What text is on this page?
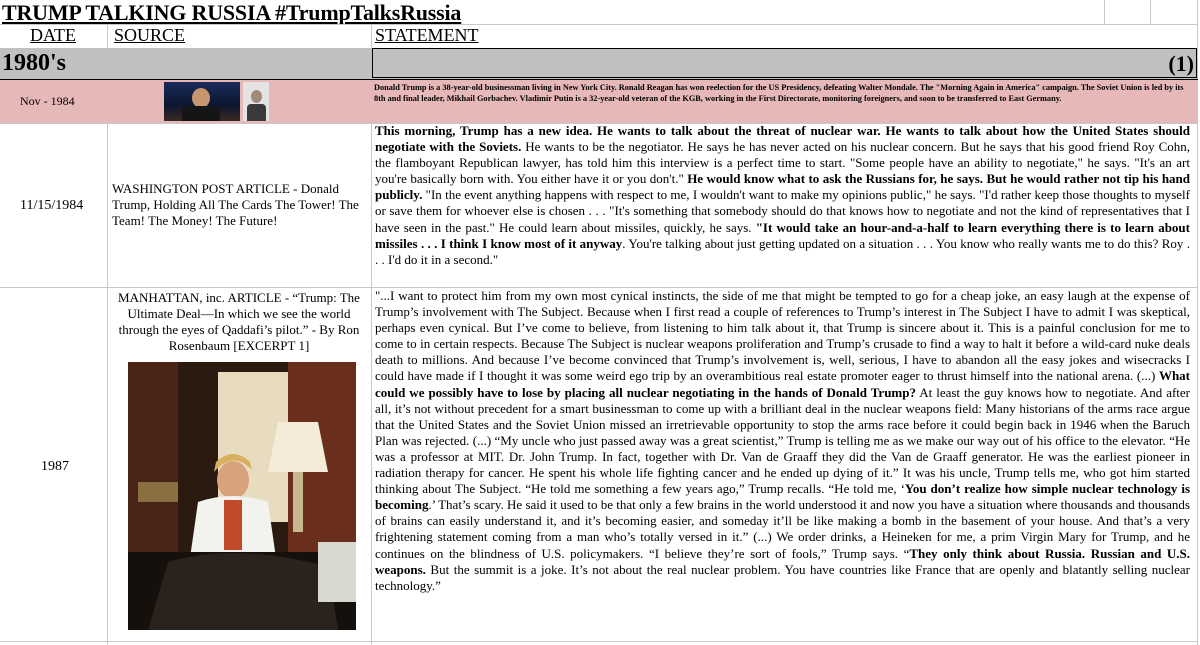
TRUMP TALKING RUSSIA #TrumpTalksRussia
DATE SOURCE	STATEMENT
1980's	(1)
Nov - 1984
Donald Trump is a 38-year-old businessman living in New York City. Ronald Reagan has won reelection for the US Presidency, defeating Walter Mondale. The "Morning Again in America" campaign. The Soviet Union is led by its 8th and final leader, Mikhail Gorbachev. Vladimir Putin is a 32-year-old veteran of the KGB, working in the First Directorate, monitoring foreigners, and soon to be transferred to East Germany.
11/15/1984
WASHINGTON POST ARTICLE - Donald Trump, Holding All The Cards The Tower! The Team! The Money! The Future!
This morning, Trump has a new idea. He wants to talk about the threat of nuclear war. He wants to talk about how the United States should negotiate with the Soviets. He wants to be the negotiator. He says he has never acted on his nuclear concern. But he says that his good friend Roy Cohn, the flamboyant Republican lawyer, has told him this interview is a perfect time to start. "Some people have an ability to negotiate," he says. "It's an art you're basically born with. You either have it or you don't." He would know what to ask the Russians for, he says. But he would rather not tip his hand publicly. "In the event anything happens with respect to me, I wouldn't want to make my opinions public," he says. "I'd rather keep those thoughts to myself or save them for whoever else is chosen . . . "It's something that somebody should do that knows how to negotiate and not the kind of representatives that I have seen in the past." He could learn about missiles, quickly, he says. "It would take an hour-and-a-half to learn everything there is to learn about missiles . . . I think I know most of it anyway. You're talking about just getting updated on a situation . . . You know who really wants me to do this? Roy . . . I'd do it in a second."
1987
MANHATTAN, inc. ARTICLE - “Trump: The Ultimate Deal—In which we see the world through the eyes of Qaddafi’s pilot.” - By Ron Rosenbaum [EXCERPT 1]
"...I want to protect him from my own most cynical instincts, the side of me that might be tempted to go for a cheap joke, an easy laugh at the expense of Trump’s involvement with The Subject. Because when I first read a couple of references to Trump’s interest in The Subject I have to admit I was skeptical, perhaps even cynical. But I’ve come to believe, from listening to him talk about it, that Trump is sincere about it. This is a painful conclusion for me to come to in certain respects. Because The Subject is nuclear weapons proliferation and Trump’s crusade to find a way to halt it before a wild-card nuke deals death to millions. And because I’ve become convinced that Trump’s involvement is, well, serious, I have to abandon all the easy jokes and wisecracks I could have made if I thought it was some weird ego trip by an overambitious real estate promoter eager to thrust himself into the national arena. (...) What could we possibly have to lose by placing all nuclear negotiating in the hands of Donald Trump? At least the guy knows how to negotiate. And after all, it’s not without precedent for a smart businessman to come up with a brilliant deal in the nuclear weapons field: Many historians of the arms race argue that the United States and the Soviet Union missed an irretrievable opportunity to stop the arms race before it could begin back in 1946 when the Baruch Plan was rejected. (...) “My uncle who just passed away was a great scientist,” Trump is telling me as we make our way out of his office to the elevator. “He was a professor at MIT. Dr. John Trump. In fact, together with Dr. Van de Graaff they did the Van de Graaff generator. He was the earliest pioneer in radiation therapy for cancer. He spent his whole life fighting cancer and he ended up dying of it.” It was his uncle, Trump tells me, who got him started thinking about The Subject. “He told me something a few years ago,” Trump recalls. “He told me, ‘You don’t realize how simple nuclear technology is becoming.’ That’s scary. He said it used to be that only a few brains in the world understood it and now you have a situation where thousands and thousands of brains can easily understand it, and it’s becoming easier, and someday it’ll be like making a bomb in the basement of your house. And that’s a very frightening statement coming from a man who’s totally versed in it.” (...) We order drinks, a Heineken for me, a prim Virgin Mary for Trump, and he continues on the blindness of U.S. policymakers. “I believe they’re sort of fools,” Trump says. “They only think about Russia. Russian and U.S. weapons. But the summit is a joke. It’s not about the real nuclear problem. You have countries like France that are openly and blatantly selling nuclear technology.”
